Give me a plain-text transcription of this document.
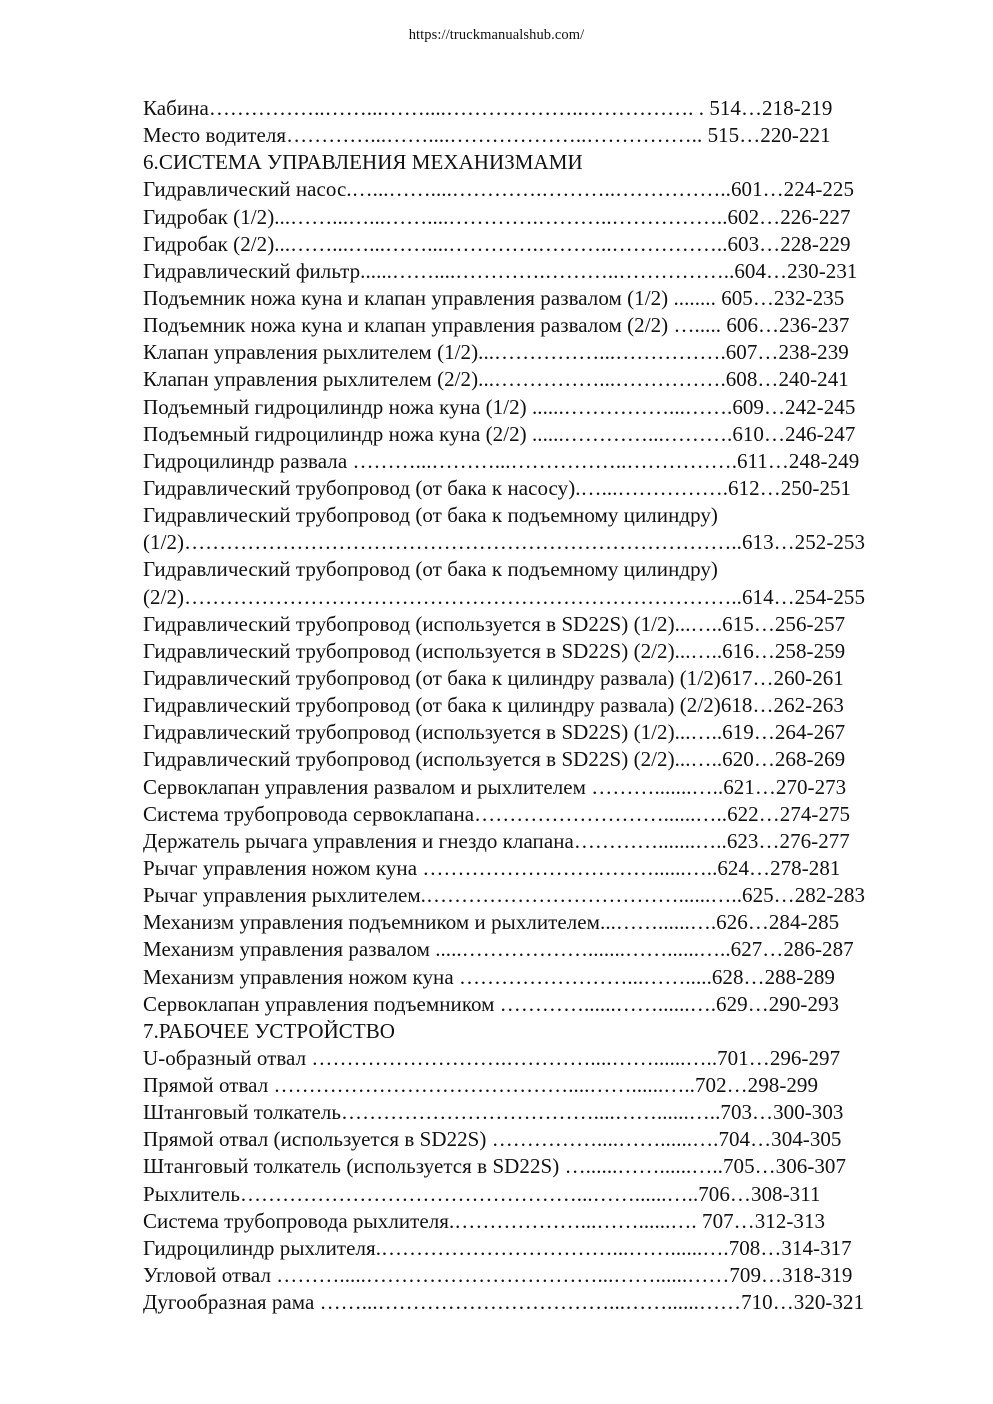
https://truckmanualshub.com/
Кабина……………..……...……....………………..……………. . 514…218-219
Место водителя…………...……....………………..…………….. 515…220-221
6.СИСТЕМА УПРАВЛЕНИЯ МЕХАНИЗМАМИ
Гидравлический насос.…...……....………….………..……………..601…224-225
Гидробак (1/2)...……...…...……....………….………..……………..602…226-227
Гидробак (2/2)...……...…...……....………….………..……………..603…228-229
Гидравлический фильтр......……....………….………..……………..604…230-231
Подъемник ножа куна и клапан управления развалом (1/2) ........ 605…232-235
Подъемник ножа куна и клапан управления развалом (2/2) …..... 606…236-237
Клапан управления рыхлителем (1/2)...……………...…………….607…238-239
Клапан управления рыхлителем (2/2)...……………...…………….608…240-241
Подъемный гидроцилиндр ножа куна (1/2) ......……………...…….609…242-245
Подъемный гидроцилиндр ножа куна (2/2) ......…………...……….610…246-247
Гидроцилиндр развала ………...………...……………..…………….611…248-249
Гидравлический трубопровод (от бака к насосу).…...…………….612…250-251
Гидравлический трубопровод (от бака к подъемному цилиндру)
(1/2)……………………………………………………………………..613…252-253
Гидравлический трубопровод (от бака к подъемному цилиндру)
(2/2)……………………………………………………………………..614…254-255
Гидравлический трубопровод (используется в SD22S) (1/2)...…..615…256-257
Гидравлический трубопровод (используется в SD22S) (2/2)...…..616…258-259
Гидравлический трубопровод (от бака к цилиндру развала) (1/2)617…260-261
Гидравлический трубопровод (от бака к цилиндру развала) (2/2)618…262-263
Гидравлический трубопровод (используется в SD22S) (1/2)...…..619…264-267
Гидравлический трубопровод (используется в SD22S) (2/2)...…..620…268-269
Сервоклапан управления развалом и рыхлителем ……….......…..621…270-273
Система трубопровода сервоклапана………………………......…..622…274-275
Держатель рычага управления и гнездо клапана………….......…..623…276-277
Рычаг управления ножом куна ……………………………......…..624…278-281
Рычаг управления рыхлителем.………………………………......…..625…282-283
Механизм управления подъемником и рыхлителем...……......….626…284-285
Механизм управления развалом .....……………….......……......…..627…286-287
Механизм управления ножом куна ……………………...…….....628…288-289
Сервоклапан управления подъемником …………......……......….629…290-293
7.РАБОЧЕЕ УСТРОЙСТВО
U-образный отвал ……………………….…………....……......…..701…296-297
Прямой отвал ……………………………………....……......…..702…298-299
Штанговый толкатель………………………………....……......…..703…300-303
Прямой отвал (используется в SD22S) ……………....……......….704…304-305
Штанговый толкатель (используется в SD22S) …......……......…..705…306-307
Рыхлитель…………………………………………...……......…..706…308-311
Система трубопровода рыхлителя.………………...……......…. 707…312-313
Гидроцилиндр рыхлителя.……………………………...……......….708…314-317
Угловой отвал ……….....……………………………...……......……709…318-319
Дугообразная рама ……...……………………………...……......……710…320-321
